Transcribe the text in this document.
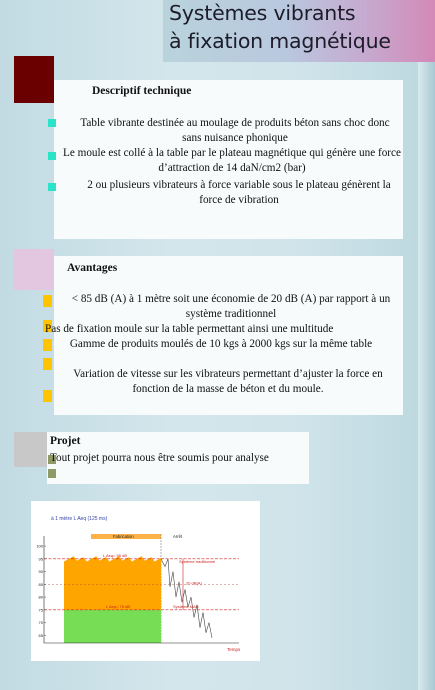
Systèmes vibrants
à fixation magnétique
Descriptif technique
Table vibrante destinée au moulage de produits béton sans choc donc sans nuisance phonique
Le moule est collé à la table par le plateau magnétique qui génère une force d’attraction de 14 daN/cm2 (bar)
2 ou plusieurs vibrateurs à force variable sous le plateau génèrent la force de vibration
Avantages
< 85 dB (A) à 1 mètre soit une économie de 20 dB (A) par rapport à un système traditionnel
Pas de fixation moule sur la table permettant ainsi une multitude
Gamme de produits moulés de 10 kgs à 2000 kgs sur la même table
Variation de vitesse sur les vibrateurs permettant d’ajuster la force en fonction de la masse de béton et du moule.
Projet
Tout projet pourra nous être soumis pour analyse
à 1 mètre L Aeq (125 ms)
Fabrication	Arrêt
L Aeq= 95 dB
Système traditionnel
20 dB(A)
L Aeq= 75 dB	Système MAG
100
95
90
85
80
75
70
65
Temps
